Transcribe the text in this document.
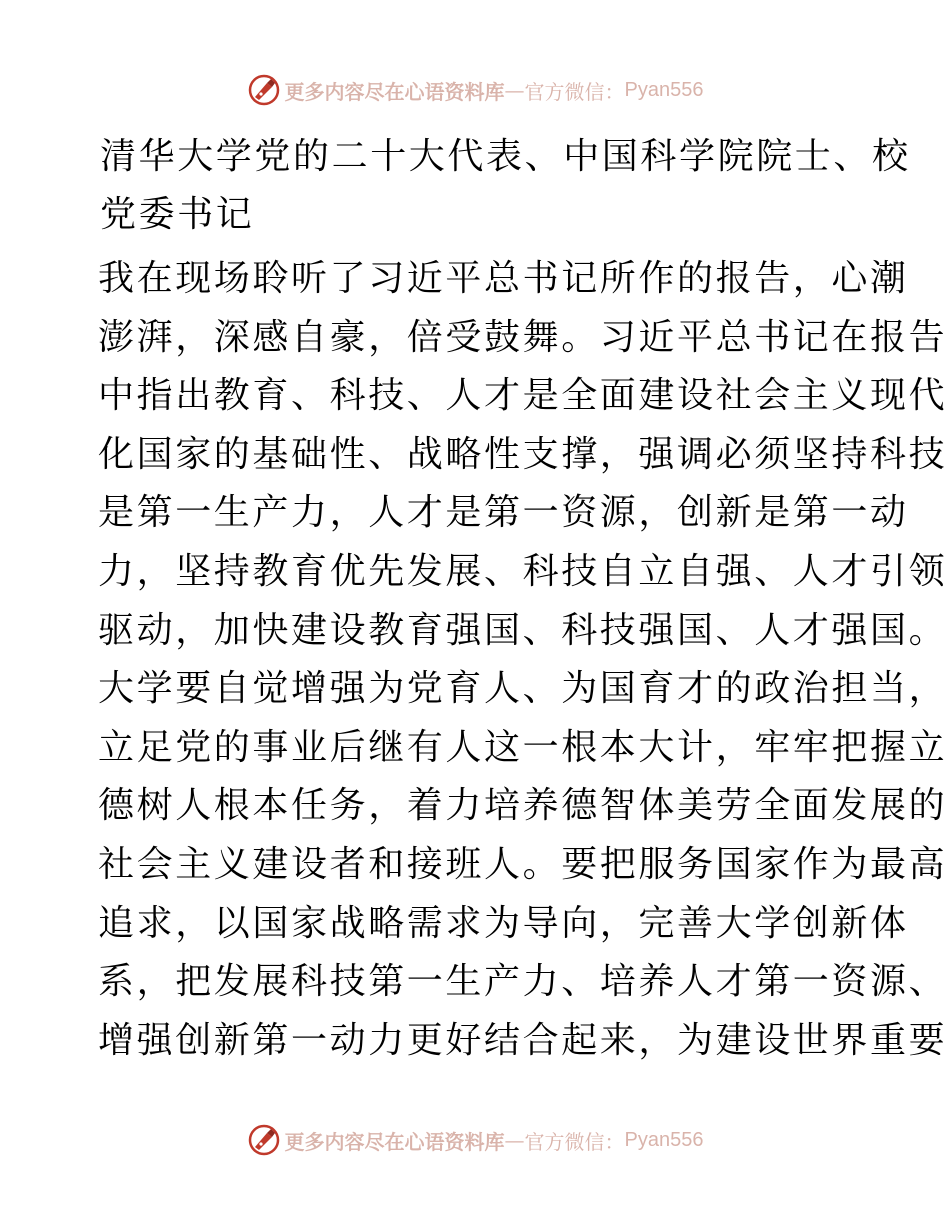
更多内容尽在心语资料库 — 官方微信： Pyan556
清华大学党的二十大代表、中国科学院院士、校
党委书记
我在现场聆听了习近平总书记所作的报告，心潮
澎湃，深感自豪，倍受鼓舞。习近平总书记在报告
中指出教育、科技、人才是全面建设社会主义现代
化国家的基础性、战略性支撑，强调必须坚持科技
是第一生产力，人才是第一资源，创新是第一动
力，坚持教育优先发展、科技自立自强、人才引领
驱动，加快建设教育强国、科技强国、人才强国。
大学要自觉增强为党育人、为国育才的政治担当，
立足党的事业后继有人这一根本大计，牢牢把握立
德树人根本任务，着力培养德智体美劳全面发展的
社会主义建设者和接班人。要把服务国家作为最高
追求，以国家战略需求为导向，完善大学创新体
系，把发展科技第一生产力、培养人才第一资源、
增强创新第一动力更好结合起来，为建设世界重要
更多内容尽在心语资料库 — 官方微信： Pyan556
